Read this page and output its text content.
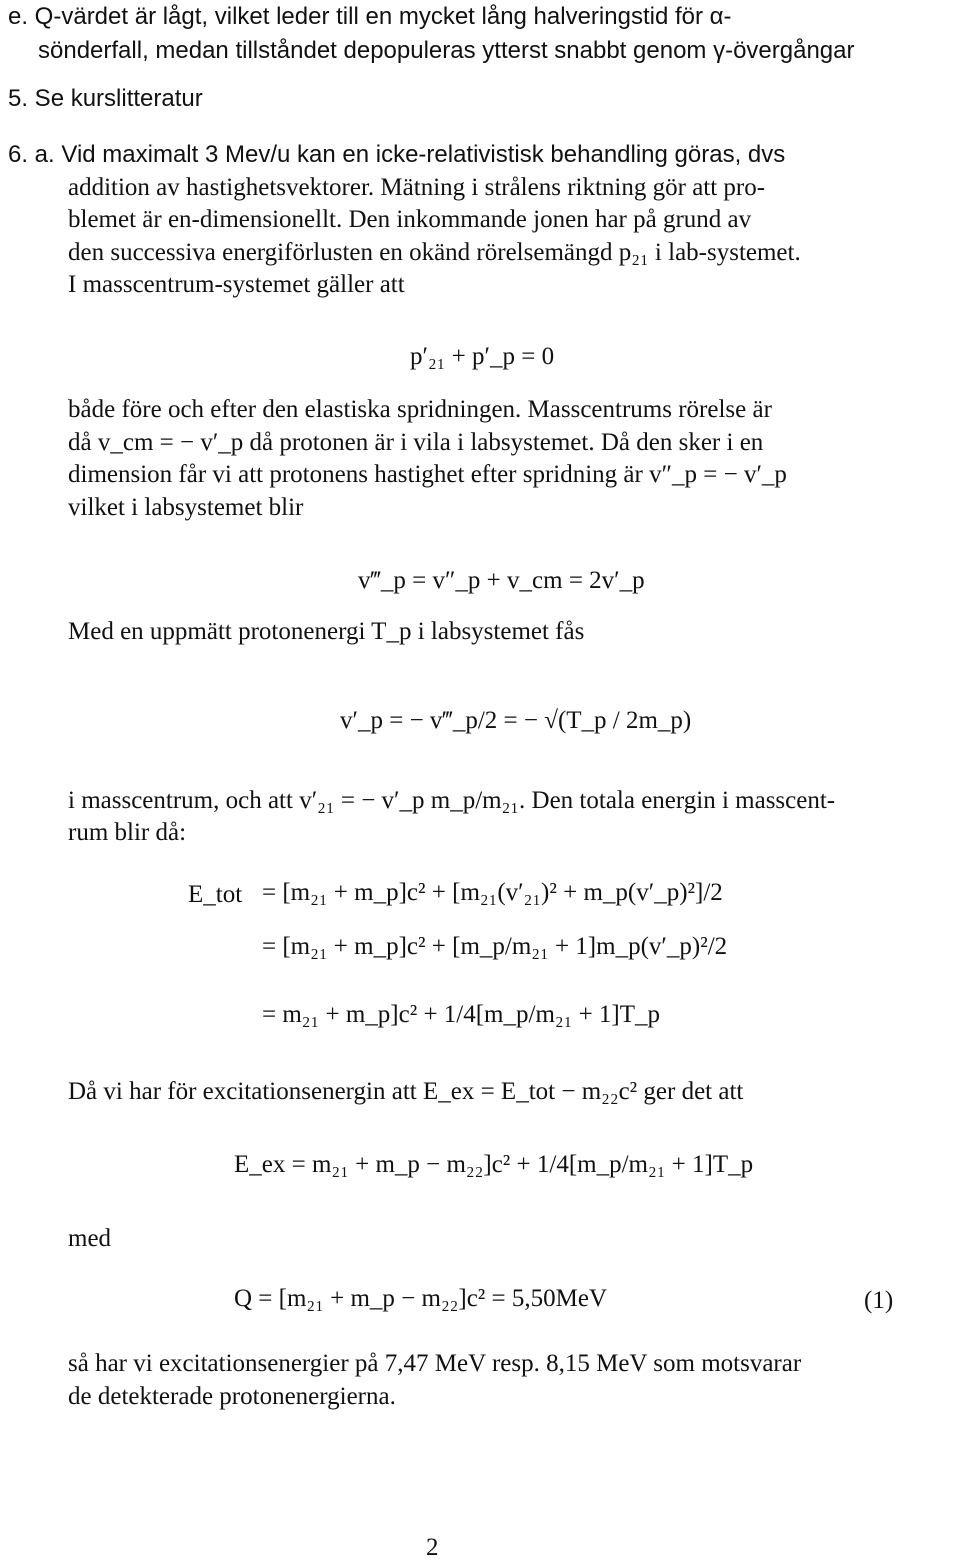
e. Q-värdet är lågt, vilket leder till en mycket lång halveringstid för α-
sönderfall, medan tillståndet depopuleras ytterst snabbt genom γ-övergångar
5. Se kurslitteratur
6. a. Vid maximalt 3 Mev/u kan en icke-relativistisk behandling göras, dvs
addition av hastighetsvektorer. Mätning i strålens riktning gör att pro-
blemet är en-dimensionellt. Den inkommande jonen har på grund av
den successiva energiförlusten en okänd rörelsemängd p₂₁ i lab-systemet.
I masscentrum-systemet gäller att
p′₂₁ + p′_p = 0
både före och efter den elastiska spridningen. Masscentrums rörelse är
då v_cm = − v′_p då protonen är i vila i labsystemet. Då den sker i en
dimension får vi att protonens hastighet efter spridning är v″_p = − v′_p
vilket i labsystemet blir
v‴_p = v″_p + v_cm = 2v′_p
Med en uppmätt protonenergi T_p i labsystemet fås
v′_p = − v‴_p/2 = − √(T_p / 2m_p)
i masscentrum, och att v′₂₁ = − v′_p m_p/m₂₁. Den totala energin i masscent-
rum blir då:
E_tot = [m₂₁ + m_p]c² + [m₂₁(v′₂₁)² + m_p(v′_p)²]/2
= [m₂₁ + m_p]c² + [m_p/m₂₁ + 1]m_p(v′_p)²/2
= m₂₁ + m_p]c² + 1/4[m_p/m₂₁ + 1]T_p
Då vi har för excitationsenergin att E_ex = E_tot − m₂₂c² ger det att
E_ex = m₂₁ + m_p − m₂₂]c² + 1/4[m_p/m₂₁ + 1]T_p
med
Q = [m₂₁ + m_p − m₂₂]c² = 5,50MeV	(1)
så har vi excitationsenergier på 7,47 MeV resp. 8,15 MeV som motsvarar
de detekterade protonenergierna.
2
